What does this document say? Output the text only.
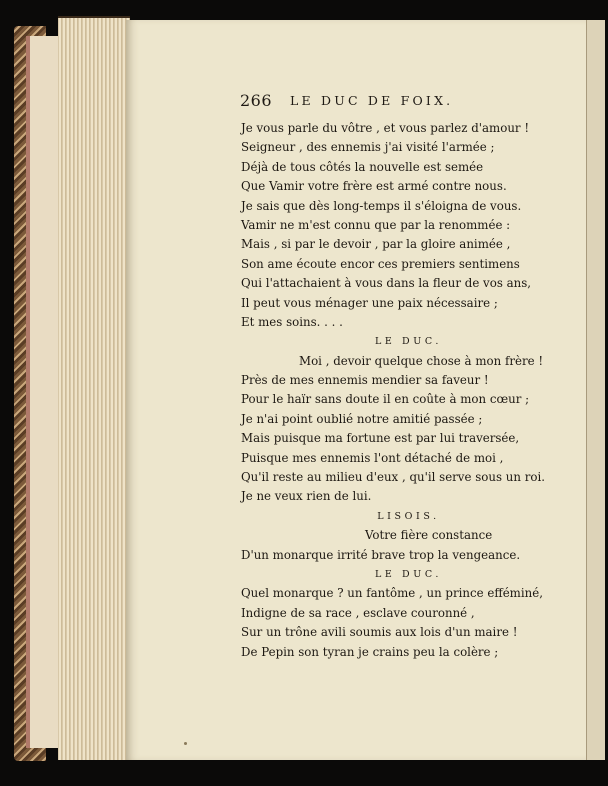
266 LE DUC DE FOIX.
Je vous parle du vôtre , et vous parlez d'amour !
Seigneur , des ennemis j'ai visité l'armée ;
Déjà de tous côtés la nouvelle est semée
Que Vamir votre frère est armé contre nous.
Je sais que dès long-temps il s'éloigna de vous.
Vamir ne m'est connu que par la renommée :
Mais , si par le devoir , par la gloire animée ,
Son ame écoute encor ces premiers sentimens
Qui l'attachaient à vous dans la fleur de vos ans,
Il peut vous ménager une paix nécessaire ;
Et mes soins. . . .
LE DUC.
Moi , devoir quelque chose à mon frère !
Près de mes ennemis mendier sa faveur !
Pour le haïr sans doute il en coûte à mon cœur ;
Je n'ai point oublié notre amitié passée ;
Mais puisque ma fortune est par lui traversée,
Puisque mes ennemis l'ont détaché de moi ,
Qu'il reste au milieu d'eux , qu'il serve sous un roi.
Je ne veux rien de lui.
LISOIS.
Votre fière constance
D'un monarque irrité brave trop la vengeance.
LE DUC.
Quel monarque ? un fantôme , un prince efféminé,
Indigne de sa race , esclave couronné ,
Sur un trône avili soumis aux lois d'un maire !
De Pepin son tyran je crains peu la colère ;
